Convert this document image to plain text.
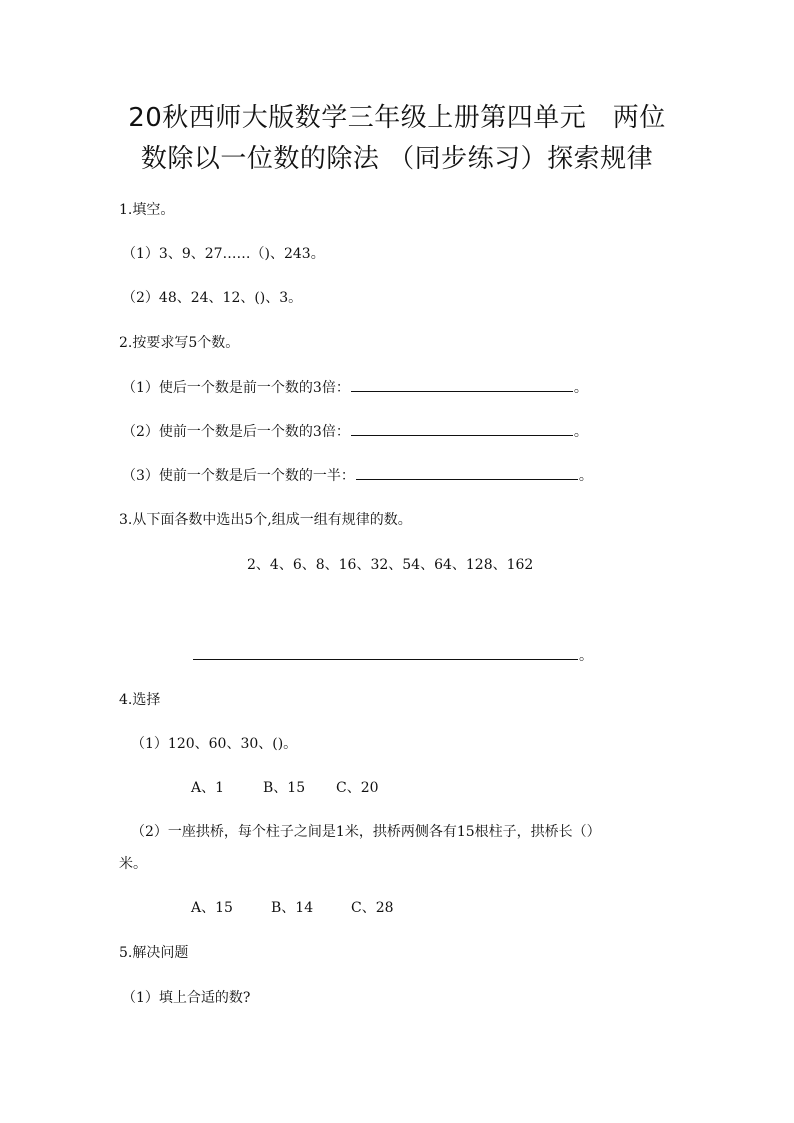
20秋西师大版数学三年级上册第四单元　两位
数除以一位数的除法 （同步练习）探索规律
1.填空。
（1）3、9、27……（)、243。
（2）48、24、12、()、3。
2.按要求写5个数。
（1）使后一个数是前一个数的3倍：	。
（2）使前一个数是后一个数的3倍：	。
（3）使前一个数是后一个数的一半：	。
3.从下面各数中选出5个,组成一组有规律的数。
2、4、6、8、16、32、54、64、128、162
。
4.选择
（1）120、60、30、()。
A、1	B、15 C、20
（2）一座拱桥，每个柱子之间是1米，拱桥两侧各有15根柱子，拱桥长（）
米。
A、15	B、14	C、28
5.解决问题
（1）填上合适的数?
